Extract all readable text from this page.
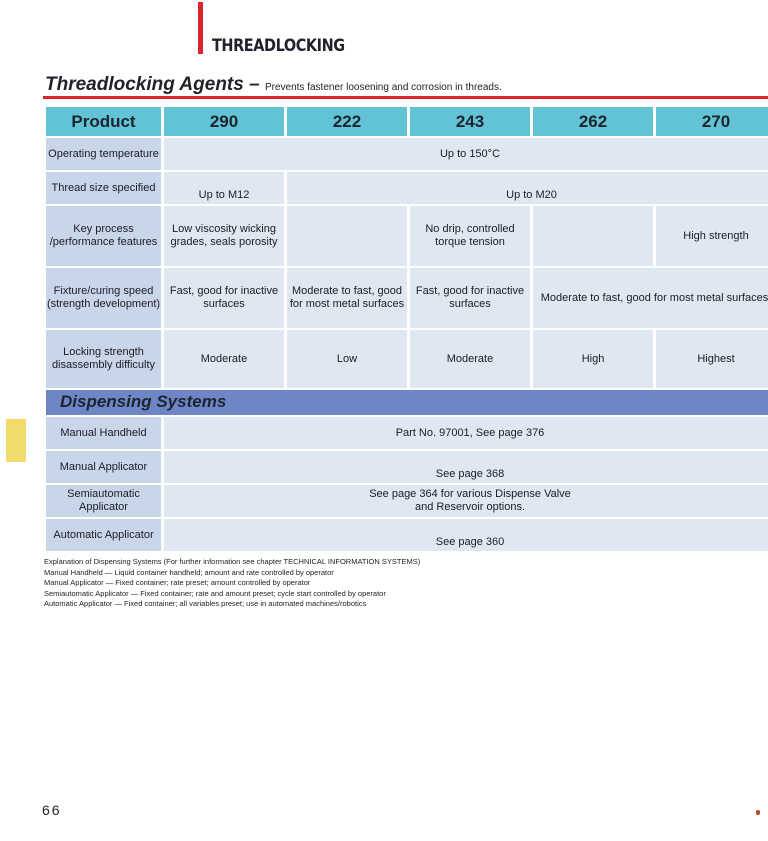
THREADLOCKING
Threadlocking Agents – Prevents fastener loosening and corrosion in threads.
Product	290	222	243	262	270
Operating temperature	Up to 150°C				
Thread size specified	Up to M12	Up to M20			
Key process /performance features	Low viscosity wicking grades, seals porosity		No drip, controlled torque tension		High strength
Fixture/curing speed (strength development)	Fast, good for inactive surfaces	Moderate to fast, good for most metal surfaces	Fast, good for inactive surfaces	Moderate to fast, good for most metal surfaces	
Locking strength disassembly difficulty	Moderate	Low	Moderate	High	Highest
Dispensing Systems					
Manual Handheld	Part No. 97001, See page 376				
Manual Applicator	See page 368				
Semiautomatic Applicator	See page 364 for various Dispense Valve and Reservoir options.				
Automatic Applicator	See page 360				
Explanation of Dispensing Systems (For further information see chapter TECHNICAL INFORMATION SYSTEMS)
Manual Handheld — Liquid container handheld; amount and rate controlled by operator
Manual Applicator — Fixed container; rate preset; amount controlled by operator
Semiautomatic Applicator — Fixed container; rate and amount preset; cycle start controlled by operator
Automatic Applicator — Fixed container; all variables preset; use in automated machines/robotics
66
